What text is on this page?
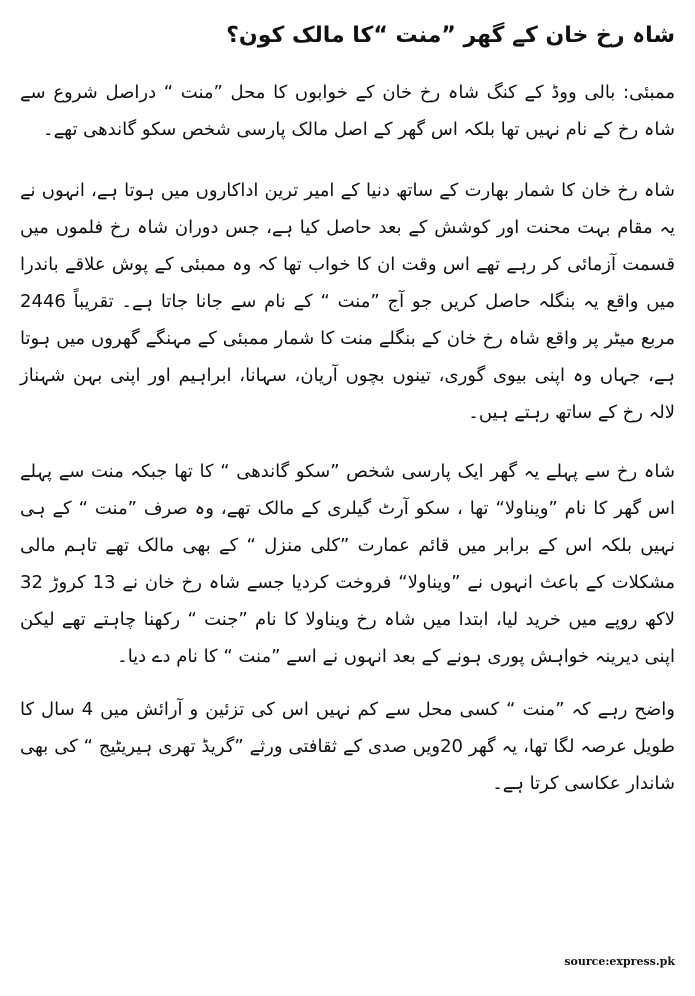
شاہ رخ خان کے گھر ”منت “کا مالک کون؟

ممبئی: بالی ووڈ کے کنگ شاہ رخ خان کے خوابوں کا محل ”منت “ دراصل شروع سے شاہ رخ کے نام نہیں تھا بلکہ اس گھر کے اصل مالک پارسی شخص سکو گاندھی تھے۔

شاہ رخ خان کا شمار بھارت کے ساتھ دنیا کے امیر ترین اداکاروں میں ہوتا ہے، انہوں نے یہ مقام بہت محنت اور کوشش کے بعد حاصل کیا ہے، جس دوران شاہ رخ فلموں میں قسمت آزمائی کر رہے تھے اس وقت ان کا خواب تھا کہ وہ ممبئی کے پوش علاقے باندرا میں واقع یہ بنگلہ حاصل کریں جو آج ”منت “ کے نام سے جانا جاتا ہے۔ تقریباً 2446 مربع میٹر پر واقع شاہ رخ خان کے بنگلے منت کا شمار ممبئی کے مہنگے گھروں میں ہوتا ہے، جہاں وہ اپنی بیوی گوری، تینوں بچوں آریان، سہانا، ابراہیم اور اپنی بہن شہناز لالہ رخ کے ساتھ رہتے ہیں۔

شاہ رخ سے پہلے یہ گھر ایک پارسی شخص ”سکو گاندھی “ کا تھا جبکہ منت سے پہلے اس گھر کا نام ”ویناولا“ تھا ، سکو آرٹ گیلری کے مالک تھے، وہ صرف ”منت “ کے ہی نہیں بلکہ اس کے برابر میں قائم عمارت ”کلی منزل “ کے بھی مالک تھے تاہم مالی مشکلات کے باعث انہوں نے ”ویناولا“ فروخت کردیا جسے شاہ رخ خان نے 13 کروڑ 32 لاکھ روپے میں خرید لیا، ابتدا میں شاہ رخ ویناولا کا نام ”جنت “ رکھنا چاہتے تھے لیکن اپنی دیرینہ خواہش پوری ہونے کے بعد انہوں نے اسے ”منت “ کا نام دے دیا۔

واضح رہے کہ ”منت “ کسی محل سے کم نہیں اس کی تزئین و آرائش میں 4 سال کا طویل عرصہ لگا تھا، یہ گھر 20ویں صدی کے ثقافتی ورثے ”گریڈ تھری ہیریٹیج “ کی بھی شاندار عکاسی کرتا ہے۔

source:express.pk
